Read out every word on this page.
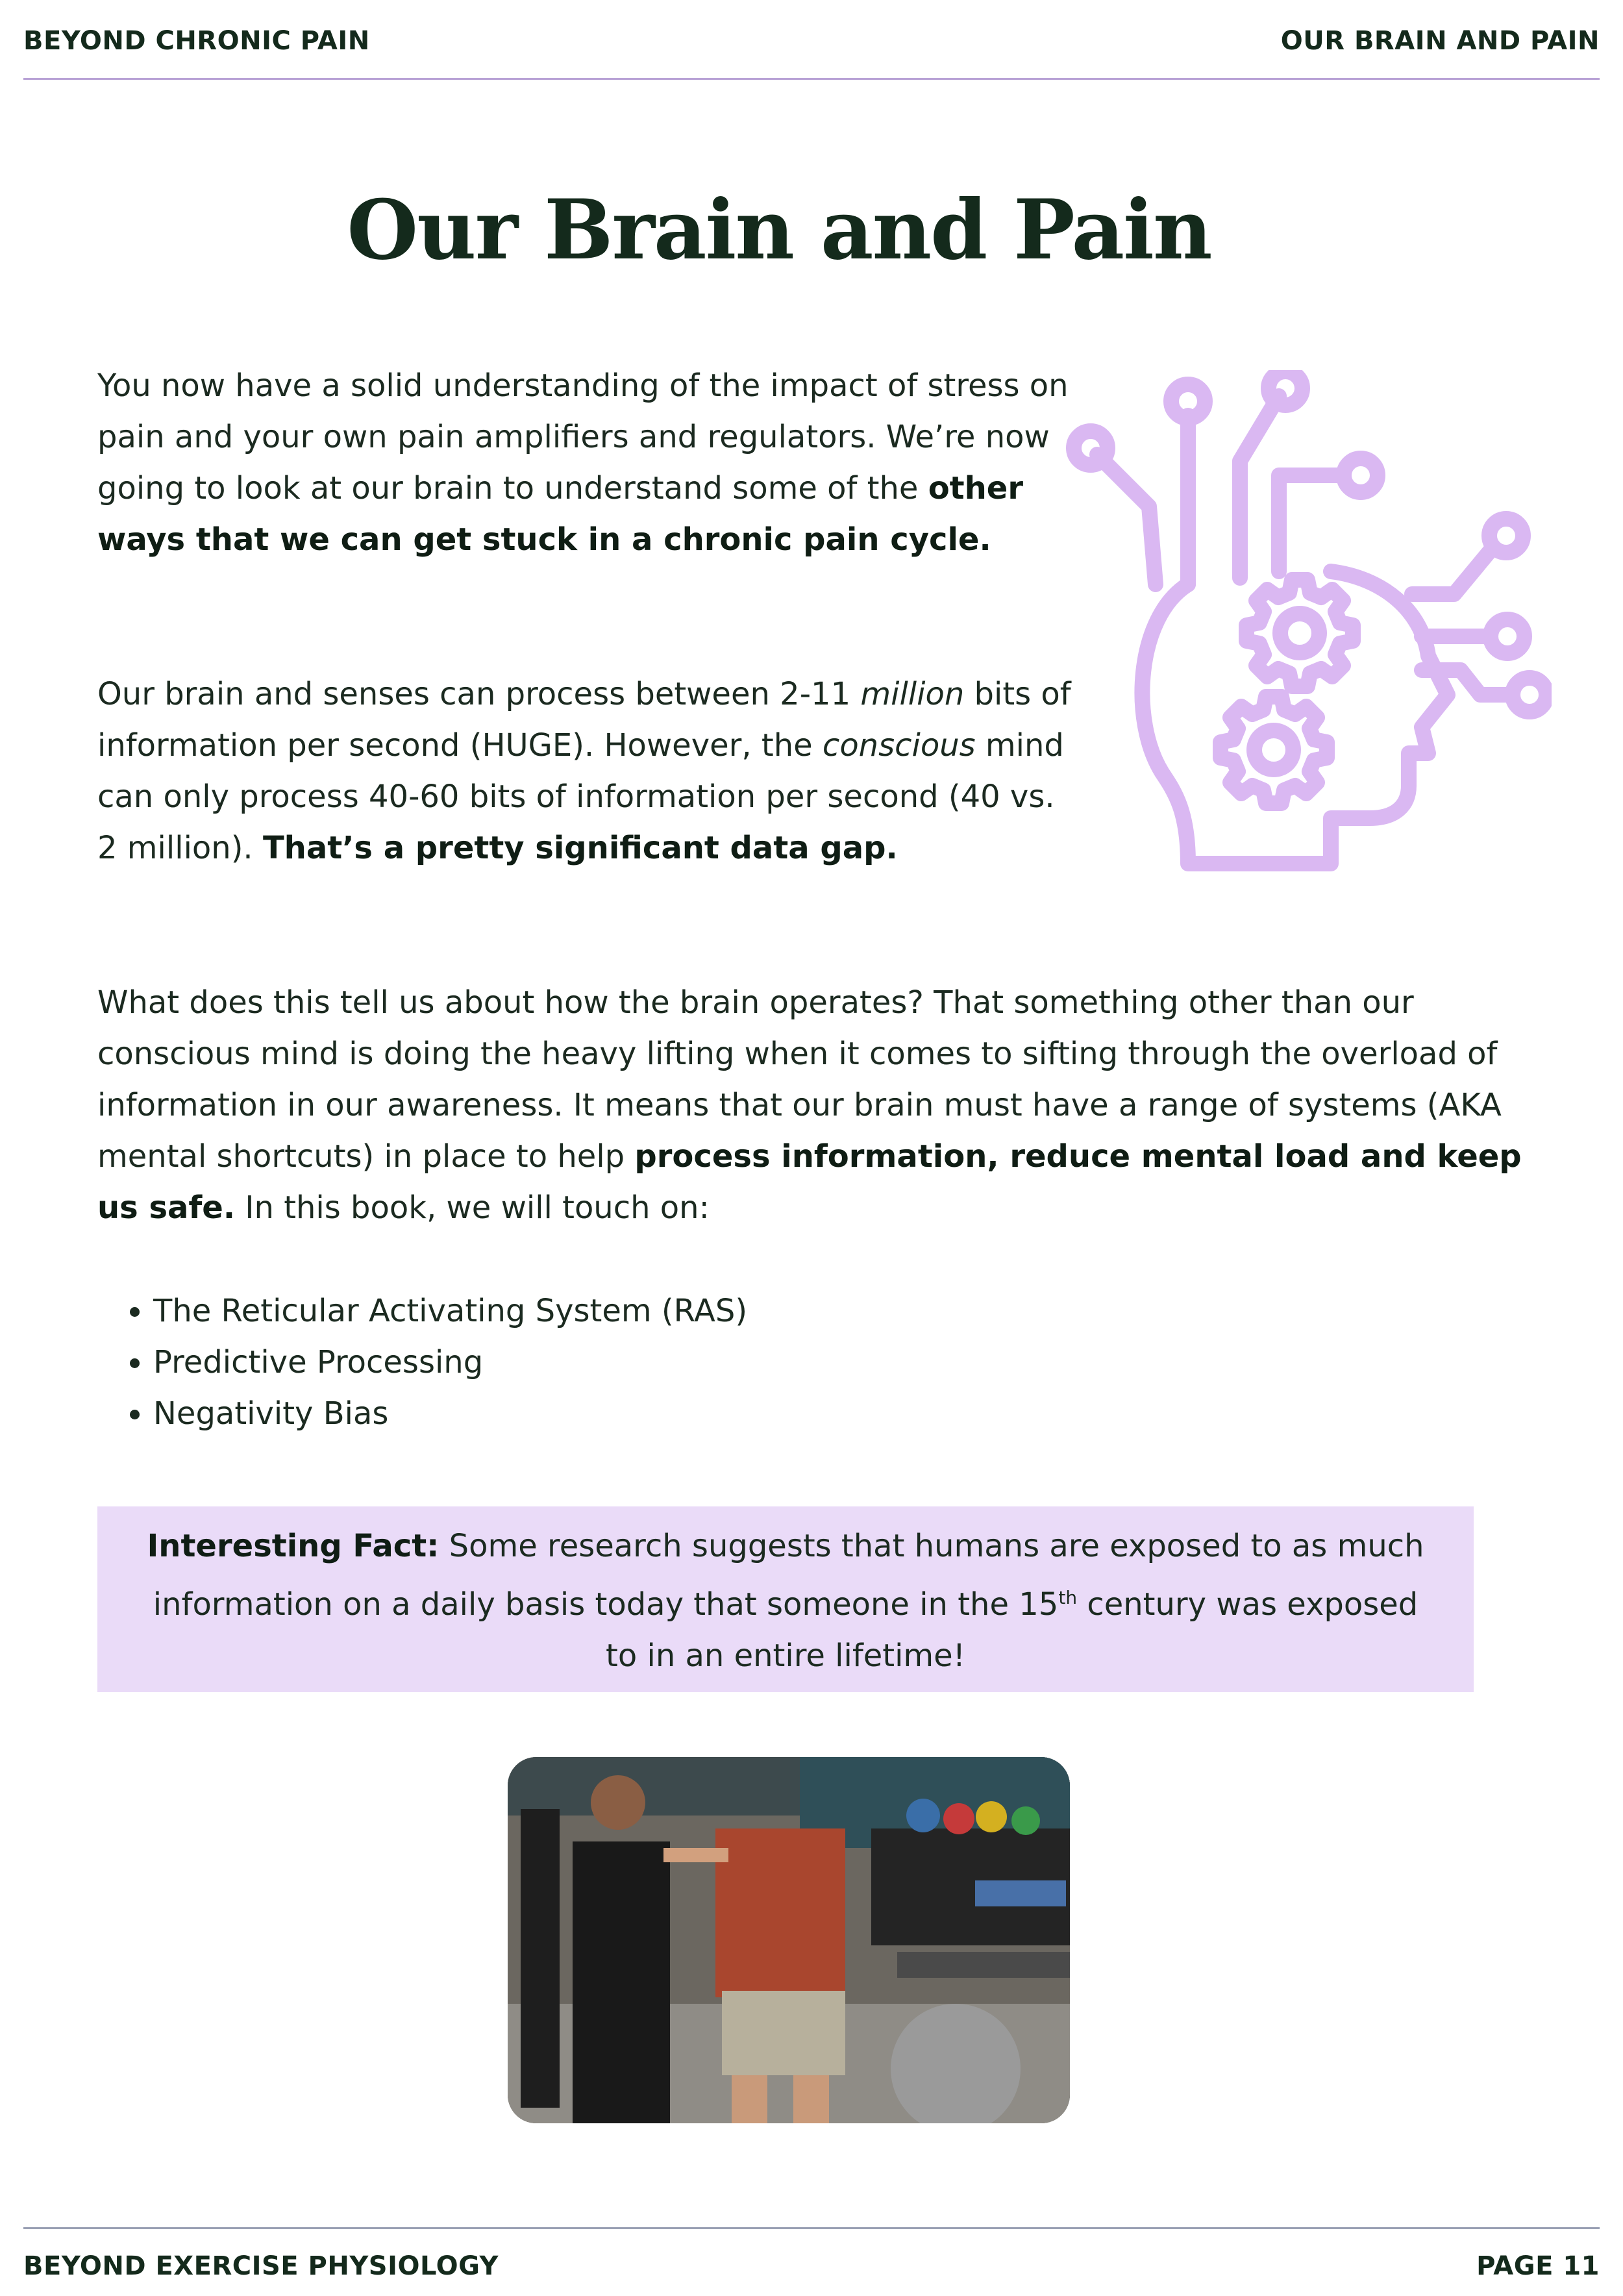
BEYOND CHRONIC PAIN	OUR BRAIN AND PAIN
Our Brain and Pain

You now have a solid understanding of the impact of stress on pain and your own pain amplifiers and regulators. We’re now going to look at our brain to understand some of the other ways that we can get stuck in a chronic pain cycle.

Our brain and senses can process between 2-11 million bits of information per second (HUGE). However, the conscious mind can only process 40-60 bits of information per second (40 vs. 2 million). That’s a pretty significant data gap.

What does this tell us about how the brain operates? That something other than our conscious mind is doing the heavy lifting when it comes to sifting through the overload of information in our awareness. It means that our brain must have a range of systems (AKA mental shortcuts) in place to help process information, reduce mental load and keep us safe. In this book, we will touch on:

• The Reticular Activating System (RAS)
• Predictive Processing
• Negativity Bias
Interesting Fact: Some research suggests that humans are exposed to as much information on a daily basis today that someone in the 15th century was exposed to in an entire lifetime!
BEYOND EXERCISE PHYSIOLOGY	PAGE 11
